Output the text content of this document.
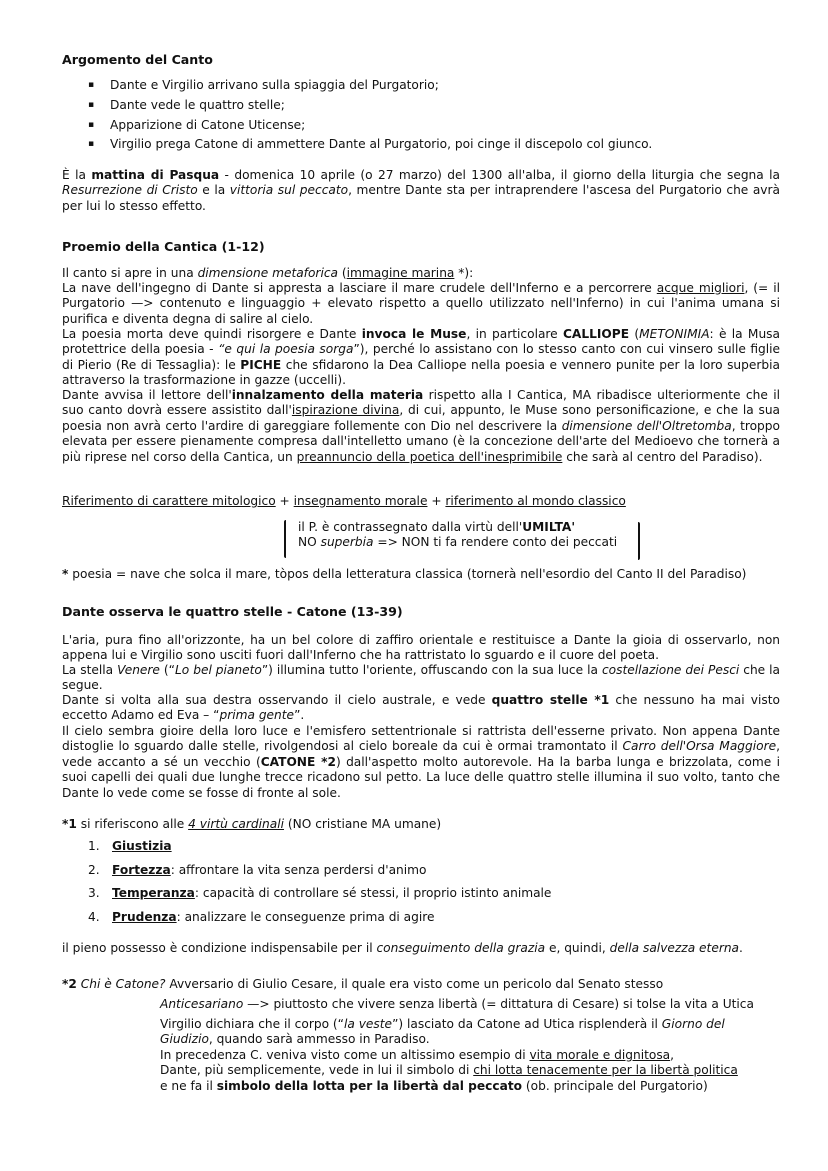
Argomento del Canto
▪ Dante e Virgilio arrivano sulla spiaggia del Purgatorio;
▪ Dante vede le quattro stelle;
▪ Apparizione di Catone Uticense;
▪ Virgilio prega Catone di ammettere Dante al Purgatorio, poi cinge il discepolo col giunco.
È la mattina di Pasqua - domenica 10 aprile (o 27 marzo) del 1300 all'alba, il giorno della liturgia che segna la Resurrezione di Cristo e la vittoria sul peccato, mentre Dante sta per intraprendere l'ascesa del Purgatorio che avrà per lui lo stesso effetto.
Proemio della Cantica (1-12)
Il canto si apre in una dimensione metaforica (immagine marina *):
La nave dell'ingegno di Dante si appresta a lasciare il mare crudele dell'Inferno e a percorrere acque migliori, (= il Purgatorio —> contenuto e linguaggio + elevato rispetto a quello utilizzato nell'Inferno) in cui l'anima umana si purifica e diventa degna di salire al cielo.
La poesia morta deve quindi risorgere e Dante invoca le Muse, in particolare CALLIOPE (METONIMIA: è la Musa protettrice della poesia - “e qui la poesia sorga”), perché lo assistano con lo stesso canto con cui vinsero sulle figlie di Pierio (Re di Tessaglia): le PICHE che sfidarono la Dea Calliope nella poesia e vennero punite per la loro superbia attraverso la trasformazione in gazze (uccelli).
Dante avvisa il lettore dell'innalzamento della materia rispetto alla I Cantica, MA ribadisce ulteriormente che il suo canto dovrà essere assistito dall'ispirazione divina, di cui, appunto, le Muse sono personificazione, e che la sua poesia non avrà certo l'ardire di gareggiare follemente con Dio nel descrivere la dimensione dell'Oltretomba, troppo elevata per essere pienamente compresa dall'intelletto umano (è la concezione dell'arte del Medioevo che tornerà a più riprese nel corso della Cantica, un preannuncio della poetica dell'inesprimibile che sarà al centro del Paradiso).
Riferimento di carattere mitologico + insegnamento morale + riferimento al mondo classico
il P. è contrassegnato dalla virtù dell'UMILTA'
NO superbia => NON ti fa rendere conto dei peccati
* poesia = nave che solca il mare, tòpos della letteratura classica (tornerà nell'esordio del Canto II del Paradiso)
Dante osserva le quattro stelle - Catone (13-39)
L'aria, pura fino all'orizzonte, ha un bel colore di zaffiro orientale e restituisce a Dante la gioia di osservarlo, non appena lui e Virgilio sono usciti fuori dall'Inferno che ha rattristato lo sguardo e il cuore del poeta.
La stella Venere (“Lo bel pianeto”) illumina tutto l'oriente, offuscando con la sua luce la costellazione dei Pesci che la segue.
Dante si volta alla sua destra osservando il cielo australe, e vede quattro stelle *1 che nessuno ha mai visto eccetto Adamo ed Eva – “prima gente”.
Il cielo sembra gioire della loro luce e l'emisfero settentrionale si rattrista dell'esserne privato. Non appena Dante distoglie lo sguardo dalle stelle, rivolgendosi al cielo boreale da cui è ormai tramontato il Carro dell'Orsa Maggiore, vede accanto a sé un vecchio (CATONE *2) dall'aspetto molto autorevole. Ha la barba lunga e brizzolata, come i suoi capelli dei quali due lunghe trecce ricadono sul petto. La luce delle quattro stelle illumina il suo volto, tanto che Dante lo vede come se fosse di fronte al sole.
*1 si riferiscono alle 4 virtù cardinali (NO cristiane MA umane)
1. Giustizia
2. Fortezza: affrontare la vita senza perdersi d'animo
3. Temperanza: capacità di controllare sé stessi, il proprio istinto animale
4. Prudenza: analizzare le conseguenze prima di agire
il pieno possesso è condizione indispensabile per il conseguimento della grazia e, quindi, della salvezza eterna.
*2 Chi è Catone? Avversario di Giulio Cesare, il quale era visto come un pericolo dal Senato stesso
Anticesariano —> piuttosto che vivere senza libertà (= dittatura di Cesare) si tolse la vita a Utica
Virgilio dichiara che il corpo (“la veste”) lasciato da Catone ad Utica risplenderà il Giorno del Giudizio, quando sarà ammesso in Paradiso.
In precedenza C. veniva visto come un altissimo esempio di vita morale e dignitosa,
Dante, più semplicemente, vede in lui il simbolo di chi lotta tenacemente per la libertà politica
e ne fa il simbolo della lotta per la libertà dal peccato (ob. principale del Purgatorio)
